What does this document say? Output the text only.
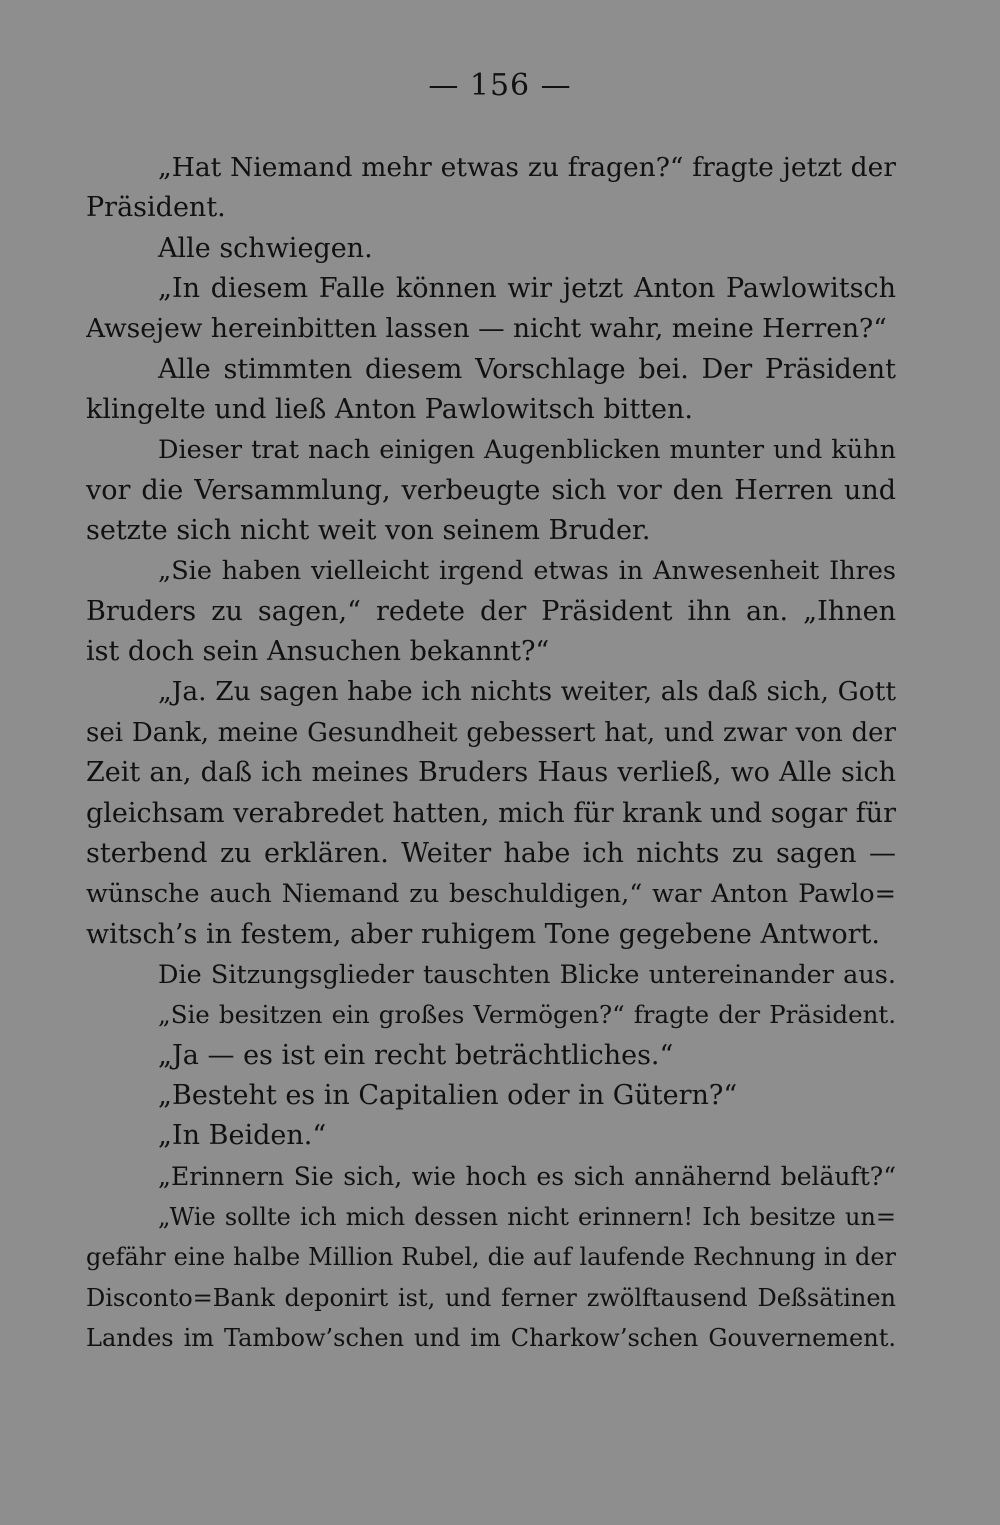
— 156 —
„Hat Niemand mehr etwas zu fragen?“ fragte jetzt der
Präsident.
Alle schwiegen.
„In diesem Falle können wir jetzt Anton Pawlowitsch
Awsejew hereinbitten lassen — nicht wahr, meine Herren?“
Alle stimmten diesem Vorschlage bei. Der Präsident
klingelte und ließ Anton Pawlowitsch bitten.
Dieser trat nach einigen Augenblicken munter und kühn
vor die Versammlung, verbeugte sich vor den Herren und
setzte sich nicht weit von seinem Bruder.
„Sie haben vielleicht irgend etwas in Anwesenheit Ihres
Bruders zu sagen,“ redete der Präsident ihn an. „Ihnen
ist doch sein Ansuchen bekannt?“
„Ja. Zu sagen habe ich nichts weiter, als daß sich, Gott
sei Dank, meine Gesundheit gebessert hat, und zwar von der
Zeit an, daß ich meines Bruders Haus verließ, wo Alle sich
gleichsam verabredet hatten, mich für krank und sogar für
sterbend zu erklären. Weiter habe ich nichts zu sagen —
wünsche auch Niemand zu beschuldigen,“ war Anton Pawlo=
witsch’s in festem, aber ruhigem Tone gegebene Antwort.
Die Sitzungsglieder tauschten Blicke untereinander aus.
„Sie besitzen ein großes Vermögen?“ fragte der Präsident.
„Ja — es ist ein recht beträchtliches.“
„Besteht es in Capitalien oder in Gütern?“
„In Beiden.“
„Erinnern Sie sich, wie hoch es sich annähernd beläuft?“
„Wie sollte ich mich dessen nicht erinnern! Ich besitze un=
gefähr eine halbe Million Rubel, die auf laufende Rechnung in der
Disconto=Bank deponirt ist, und ferner zwölftausend Deßsätinen
Landes im Tambow’schen und im Charkow’schen Gouvernement.
